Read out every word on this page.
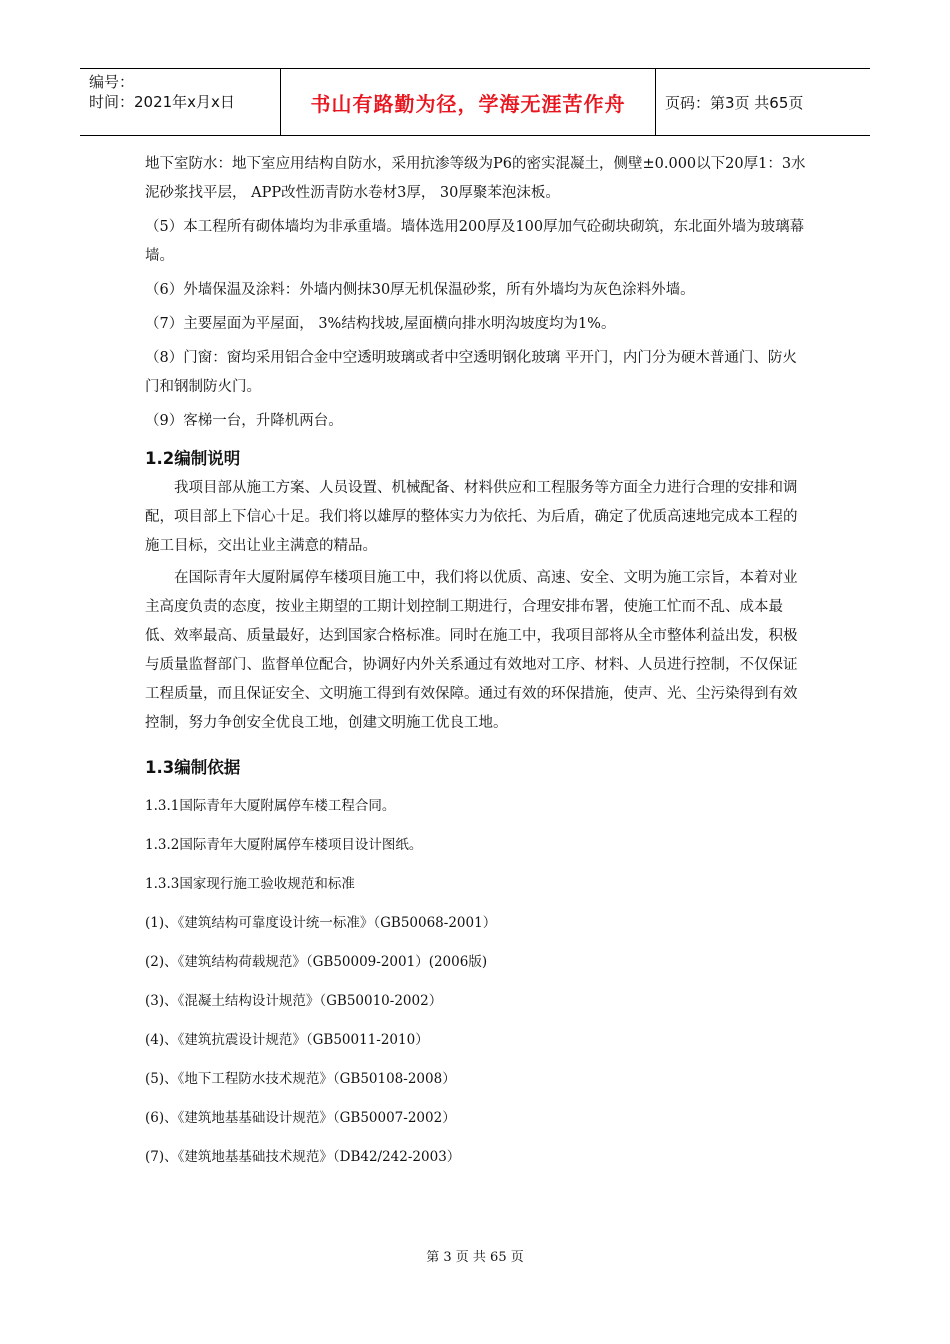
编号：
时间：2021年x月x日	书山有路勤为径，学海无涯苦作舟	页码：第3页 共65页

地下室防水：地下室应用结构自防水，采用抗渗等级为P6的密实混凝土，侧壁±0.000以下20厚1：3水泥砂浆找平层， APP改性沥青防水卷材3厚， 30厚聚苯泡沫板。

（5）本工程所有砌体墙均为非承重墙。墙体选用200厚及100厚加气砼砌块砌筑，东北面外墙为玻璃幕墙。

（6）外墙保温及涂料：外墙内侧抹30厚无机保温砂浆，所有外墙均为灰色涂料外墙。

（7）主要屋面为平屋面， 3%结构找坡,屋面横向排水明沟坡度均为1%。

（8）门窗：窗均采用铝合金中空透明玻璃或者中空透明钢化玻璃 平开门，内门分为硬木普通门、防火门和钢制防火门。

（9）客梯一台，升降机两台。

1.2编制说明

我项目部从施工方案、人员设置、机械配备、材料供应和工程服务等方面全力进行合理的安排和调配，项目部上下信心十足。我们将以雄厚的整体实力为依托、为后盾，确定了优质高速地完成本工程的施工目标，交出让业主满意的精品。

在国际青年大厦附属停车楼项目施工中，我们将以优质、高速、安全、文明为施工宗旨，本着对业主高度负责的态度，按业主期望的工期计划控制工期进行，合理安排布署，使施工忙而不乱、成本最低、效率最高、质量最好，达到国家合格标准。同时在施工中，我项目部将从全市整体利益出发，积极与质量监督部门、监督单位配合，协调好内外关系通过有效地对工序、材料、人员进行控制，不仅保证工程质量，而且保证安全、文明施工得到有效保障。通过有效的环保措施，使声、光、尘污染得到有效控制，努力争创安全优良工地，创建文明施工优良工地。

1.3编制依据
1.3.1国际青年大厦附属停车楼工程合同。
1.3.2国际青年大厦附属停车楼项目设计图纸。
1.3.3国家现行施工验收规范和标准
(1)、《建筑结构可靠度设计统一标准》（GB50068-2001）
(2)、《建筑结构荷载规范》（GB50009-2001）(2006版)
(3)、《混凝土结构设计规范》（GB50010-2002）
(4)、《建筑抗震设计规范》（GB50011-2010）
(5)、《地下工程防水技术规范》（GB50108-2008）
(6)、《建筑地基基础设计规范》（GB50007-2002）
(7)、《建筑地基基础技术规范》（DB42/242-2003）
第 3 页 共 65 页
